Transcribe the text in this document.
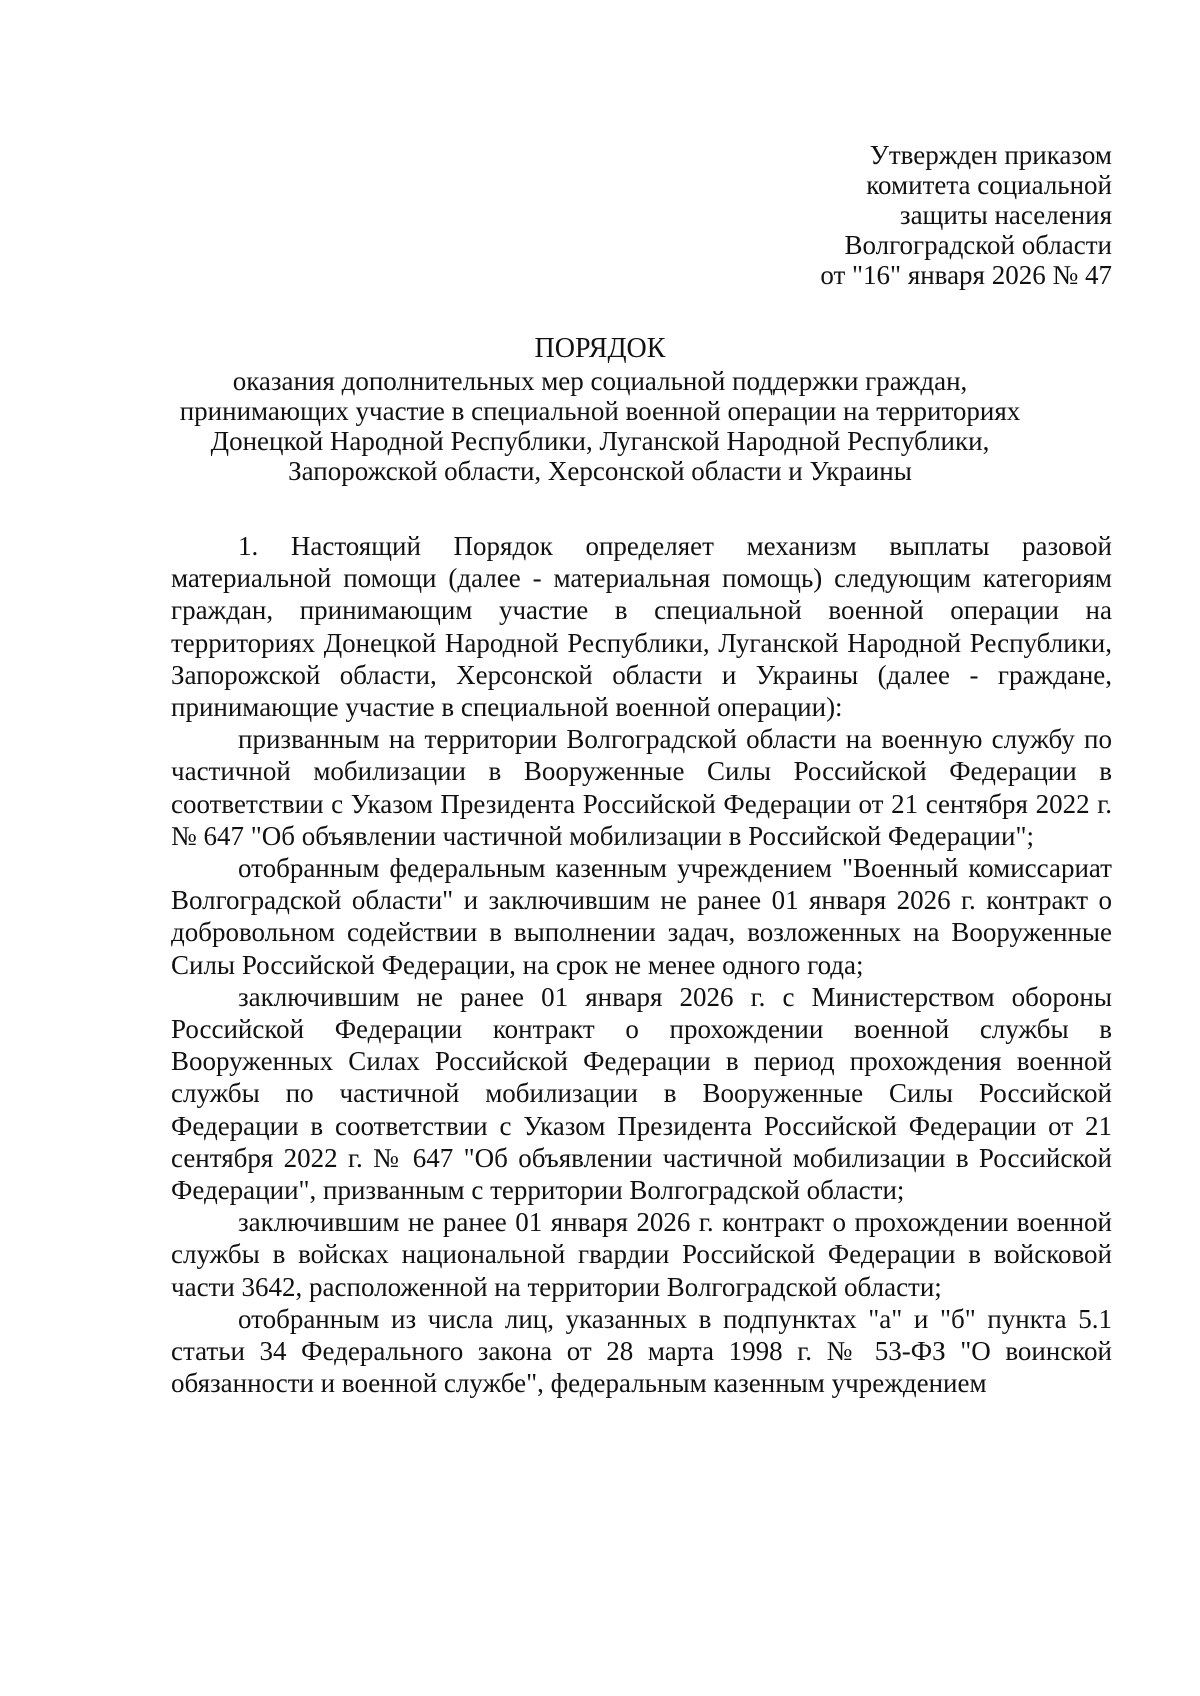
Утвержден приказом
комитета социальной
защиты населения
Волгоградской области
от "16" января 2026 № 47
ПОРЯДОК
оказания дополнительных мер социальной поддержки граждан,
принимающих участие в специальной военной операции на территориях
Донецкой Народной Республики, Луганской Народной Республики,
Запорожской области, Херсонской области и Украины

1. Настоящий Порядок определяет механизм выплаты разовой материальной помощи (далее - материальная помощь) следующим категориям граждан, принимающим участие в специальной военной операции на территориях Донецкой Народной Республики, Луганской Народной Республики, Запорожской области, Херсонской области и Украины (далее - граждане, принимающие участие в специальной военной операции):

призванным на территории Волгоградской области на военную службу по частичной мобилизации в Вооруженные Силы Российской Федерации в соответствии с Указом Президента Российской Федерации от 21 сентября 2022 г. № 647 "Об объявлении частичной мобилизации в Российской Федерации";

отобранным федеральным казенным учреждением "Военный комиссариат Волгоградской области" и заключившим не ранее 01 января 2026 г. контракт о добровольном содействии в выполнении задач, возложенных на Вооруженные Силы Российской Федерации, на срок не менее одного года;

заключившим не ранее 01 января 2026 г. с Министерством обороны Российской Федерации контракт о прохождении военной службы в Вооруженных Силах Российской Федерации в период прохождения военной службы по частичной мобилизации в Вооруженные Силы Российской Федерации в соответствии с Указом Президента Российской Федерации от 21 сентября 2022 г. № 647 "Об объявлении частичной мобилизации в Российской Федерации", призванным с территории Волгоградской области;

заключившим не ранее 01 января 2026 г. контракт о прохождении военной службы в войсках национальной гвардии Российской Федерации в войсковой части 3642, расположенной на территории Волгоградской области;

отобранным из числа лиц, указанных в подпунктах "а" и "б" пункта 5.1 статьи 34 Федерального закона от 28 марта 1998 г. № 53-ФЗ "О воинской обязанности и военной службе", федеральным казенным учреждением
